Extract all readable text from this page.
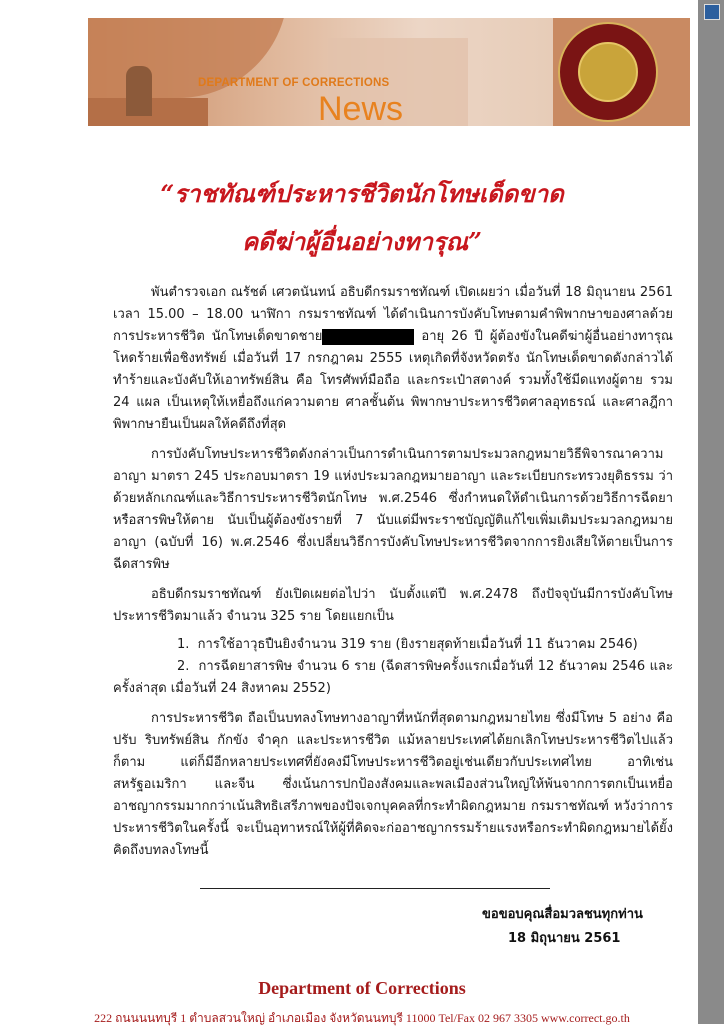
DEPARTMENT OF CORRECTIONS
News
“ราชทัณฑ์ประหารชีวิตนักโทษเด็ดขาด
คดีฆ่าผู้อื่นอย่างทารุณ”

พันตำรวจเอก ณรัชต์ เศวตนันทน์ อธิบดีกรมราชทัณฑ์ เปิดเผยว่า เมื่อวันที่ 18 มิถุนายน 2561 เวลา 15.00 – 18.00 นาฬิกา กรมราชทัณฑ์ ได้ดำเนินการบังคับโทษตามคำพิพากษาของศาลด้วยการประหารชีวิต นักโทษเด็ดขาดชาย	อายุ 26 ปี ผู้ต้องขังในคดีฆ่าผู้อื่นอย่างทารุณโหดร้ายเพื่อชิงทรัพย์ เมื่อวันที่ 17 กรกฎาคม 2555 เหตุเกิดที่จังหวัดตรัง นักโทษเด็ดขาดดังกล่าวได้ทำร้ายและบังคับให้เอาทรัพย์สิน คือ โทรศัพท์มือถือ และกระเป๋าสตางค์ รวมทั้งใช้มีดแทงผู้ตาย รวม 24 แผล เป็นเหตุให้เหยื่อถึงแก่ความตาย ศาลชั้นต้น พิพากษาประหารชีวิตศาลอุทธรณ์ และศาลฎีกาพิพากษายืนเป็นผลให้คดีถึงที่สุด

การบังคับโทษประหารชีวิตดังกล่าวเป็นการดำเนินการตามประมวลกฎหมายวิธีพิจารณาความอาญา มาตรา 245 ประกอบมาตรา 19 แห่งประมวลกฎหมายอาญา และระเบียบกระทรวงยุติธรรม ว่าด้วยหลักเกณฑ์และวิธีการประหารชีวิตนักโทษ พ.ศ.2546 ซึ่งกำหนดให้ดำเนินการด้วยวิธีการฉีดยาหรือสารพิษให้ตาย นับเป็นผู้ต้องขังรายที่ 7 นับแต่มีพระราชบัญญัติแก้ไขเพิ่มเติมประมวลกฎหมายอาญา (ฉบับที่ 16) พ.ศ.2546 ซึ่งเปลี่ยนวิธีการบังคับโทษประหารชีวิตจากการยิงเสียให้ตายเป็นการฉีดสารพิษ

อธิบดีกรมราชทัณฑ์ ยังเปิดเผยต่อไปว่า นับตั้งแต่ปี พ.ศ.2478 ถึงปัจจุบันมีการบังคับโทษประหารชีวิตมาแล้ว จำนวน 325 ราย โดยแยกเป็น

1. การใช้อาวุธปืนยิงจำนวน 319 ราย (ยิงรายสุดท้ายเมื่อวันที่ 11 ธันวาคม 2546)
2. การฉีดยาสารพิษ จำนวน 6 ราย (ฉีดสารพิษครั้งแรกเมื่อวันที่ 12 ธันวาคม 2546 และครั้งล่าสุด เมื่อวันที่ 24 สิงหาคม 2552)

การประหารชีวิต ถือเป็นบทลงโทษทางอาญาที่หนักที่สุดตามกฎหมายไทย ซึ่งมีโทษ 5 อย่าง คือ ปรับ ริบทรัพย์สิน กักขัง จำคุก และประหารชีวิต แม้หลายประเทศได้ยกเลิกโทษประหารชีวิตไปแล้วก็ตาม แต่ก็มีอีกหลายประเทศที่ยังคงมีโทษประหารชีวิตอยู่เช่นเดียวกับประเทศไทย อาทิเช่น สหรัฐอเมริกา และจีน ซึ่งเน้นการปกป้องสังคมและพลเมืองส่วนใหญ่ให้พ้นจากการตกเป็นเหยื่ออาชญากรรมมากกว่าเน้นสิทธิเสรีภาพของปัจเจกบุคคลที่กระทำผิดกฎหมาย กรมราชทัณฑ์ หวังว่าการประหารชีวิตในครั้งนี้ จะเป็นอุทาหรณ์ให้ผู้ที่คิดจะก่ออาชญากรรมร้ายแรงหรือกระทำผิดกฎหมายได้ยั้งคิดถึงบทลงโทษนี้

ขอขอบคุณสื่อมวลชนทุกท่าน
18 มิถุนายน 2561
Department of Corrections
222 ถนนนนทบุรี 1 ตำบลสวนใหญ่ อำเภอเมือง จังหวัดนนทบุรี 11000 Tel/Fax 02 967 3305 www.correct.go.th
